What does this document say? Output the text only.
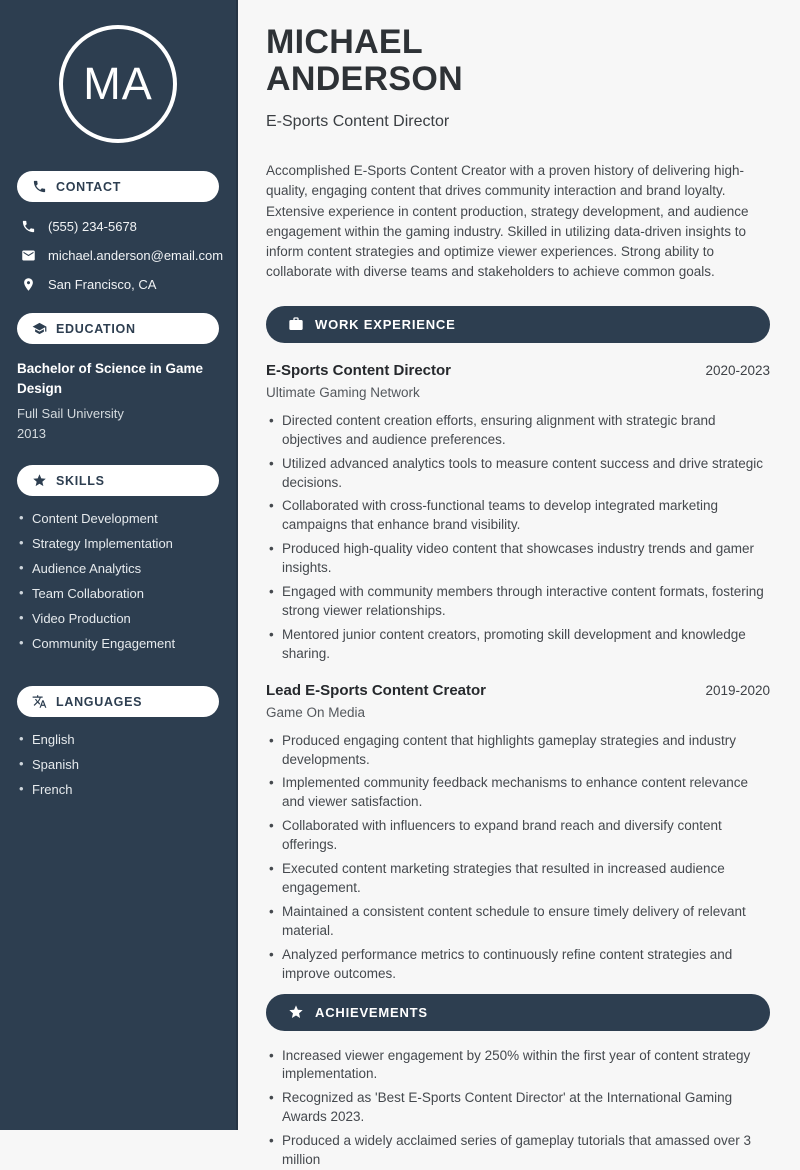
MA
CONTACT
(555) 234-5678
michael.anderson@email.com
San Francisco, CA
EDUCATION
Bachelor of Science in Game Design
Full Sail University
2013
SKILLS
• Content Development
• Strategy Implementation
• Audience Analytics
• Team Collaboration
• Video Production
• Community Engagement
LANGUAGES
• English
• Spanish
• French
MICHAEL
ANDERSON
E-Sports Content Director

Accomplished E-Sports Content Creator with a proven history of delivering high-quality, engaging content that drives community interaction and brand loyalty. Extensive experience in content production, strategy development, and audience engagement within the gaming industry. Skilled in utilizing data-driven insights to inform content strategies and optimize viewer experiences. Strong ability to collaborate with diverse teams and stakeholders to achieve common goals.

WORK EXPERIENCE
E-Sports Content Director	2020-2023
Ultimate Gaming Network
• Directed content creation efforts, ensuring alignment with strategic brand objectives and audience preferences.
• Utilized advanced analytics tools to measure content success and drive strategic decisions.
• Collaborated with cross-functional teams to develop integrated marketing campaigns that enhance brand visibility.
• Produced high-quality video content that showcases industry trends and gamer insights.
• Engaged with community members through interactive content formats, fostering strong viewer relationships.
• Mentored junior content creators, promoting skill development and knowledge sharing.
Lead E-Sports Content Creator	2019-2020
Game On Media
• Produced engaging content that highlights gameplay strategies and industry developments.
• Implemented community feedback mechanisms to enhance content relevance and viewer satisfaction.
• Collaborated with influencers to expand brand reach and diversify content offerings.
• Executed content marketing strategies that resulted in increased audience engagement.
• Maintained a consistent content schedule to ensure timely delivery of relevant material.
• Analyzed performance metrics to continuously refine content strategies and improve outcomes.
ACHIEVEMENTS
• Increased viewer engagement by 250% within the first year of content strategy implementation.
• Recognized as 'Best E-Sports Content Director' at the International Gaming Awards 2023.
• Produced a widely acclaimed series of gameplay tutorials that amassed over 3 million
